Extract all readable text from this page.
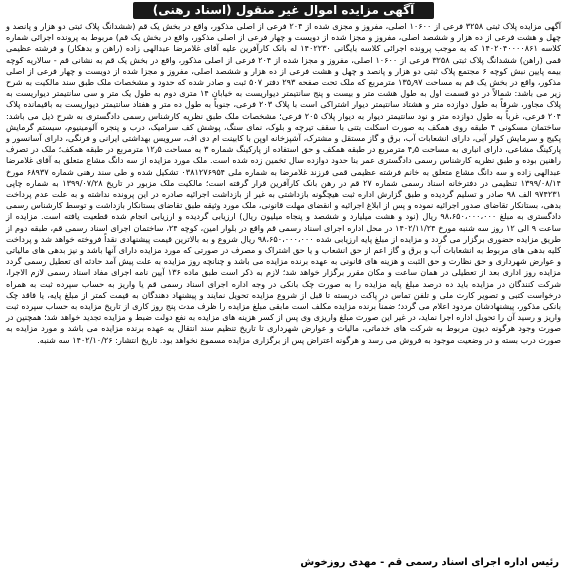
آگهی مزایده اموال غیر منقول (اسناد رهنی)

آگهی مزایده پلاک ثبتی ۳۲۵۸ فرعی از ۱۰۶۰۰ اصلی، مفروز و مجزی شده از ۲۰۴ فرعی از اصلی مذکور، واقع در بخش یک قم (ششدانگ پلاک ثبتی دو هزار و پانصد و چهل و هشت فرعی از ده هزار و ششصد اصلی، مفروز و مجزا شده از دویست و چهار فرعی از اصلی مذکور، واقع در بخش یک قم) مربوط به پرونده اجرائی شماره کلاسه ۱۴۰۲۰۴۰۰۰۰۸۶۱ که به موجب پرونده اجرائی کلاسه بایگانی ۱۴۰۲۲۳۰ له بانک کارآفرین علیه آقای غلامرضا عبدالهی زاده (راهن و بدهکار) و فرشته عظیمی قمی (راهن) ششدانگ پلاک ثبتی ۳۲۵۸ فرعی از ۱۰۶۰۰ اصلی، مفروز و مجزا شده از ۲۰۴ فرعی از اصلی مذکور، واقع در بخش یک قم به نشانی قم - سالاریه کوچه بیمه پایین نبش کوچه ۶ مجتمع پلاک ثبتی دو هزار و پانصد و چهل و هشت فرعی از ده هزار و ششصد اصلی، مفروز و مجزا شده از دویست و چهار فرعی از اصلی مذکور، واقع در بخش یک قم به مساحت ۱۳۵٫۹۷ مترمربع که ملک تحت صفحه ۲۹۳ دفتر ۵۰۷ ثبت و صادر شده که حدود و مشخصات ملک طبق سند مالکیت به شرح زیر می باشد: شمالاً در دو قسمت اول به طول هشت متر و بیست و پنج سانتیمتر دیواریست به خیابان ۱۴ متری دوم به طول یک متر و سی سانتیمتر دیواریست به پلاک مجاور، شرقاً به طول دوازده متر و هشتاد سانتیمتر دیوار اشتراکی است با پلاک ۲۰۳ فرعی، جنوباً به طول ده متر و هفتاد سانتیمتر دیواریست به باقیمانده پلاک ۲۰۴ فرعی، غرباً به طول دوازده متر و نود سانتیمتر دیوار به دیوار پلاک ۲۰۵ فرعی؛ مشخصات ملک طبق نظریه کارشناس رسمی دادگستری به شرح ذیل می باشد: ساختمان مسکونی ۴ طبقه روی همکف به صورت اسکلت بتنی با سقف تیرچه و بلوک، نمای سنگ، پوشش کف سرامیک، درب و پنجره آلومینیوم، سیستم گرمایش پکیج و سرمایش کولر آبی، دارای انشعابات آب، برق و گاز مستقل و مشترک، آشپزخانه اوپن با کابینت ام دی اف، سرویس بهداشتی ایرانی و فرنگی، دارای آسانسور و پارکینگ مشاعی، دارای انباری به مساحت ۴٫۵ مترمربع در طبقه همکف و حق استفاده از پارکینگ شماره ۳ به مساحت ۱۲٫۵ مترمربع در طبقه همکف؛ ملک در تصرف راهنین بوده و طبق نظریه کارشناس رسمی دادگستری عمر بنا حدود دوازده سال تخمین زده شده است. ملک مورد مزایده از سه دانگ مشاع متعلق به آقای غلامرضا عبدالهی زاده و سه دانگ مشاع متعلق به خانم فرشته عظیمی قمی فرزند غلامرضا به شماره ملی ۰۳۸۱۲۷۶۹۵۴ تشکیل شده و طی سند رهنی شماره ۶۸۹۳۷ مورخ ۱۳۹۹/۰۸/۱۴ تنظیمی در دفترخانه اسناد رسمی شماره ۲۷ قم در رهن بانک کارآفرین قرار گرفته است؛ مالکیت ملک مزبور در تاریخ ۱۳۹۹/۰۷/۲۸ به شماره چاپی ۹۷۴۲۳۱ الف ۹۸ صادر و تسلیم گردیده و طبق گزارش اداره ثبت هیچگونه بازداشتی به غیر از بازداشت اجرائیه صادره در این پرونده نداشته و به علت عدم پرداخت بدهی، بستانکار تقاضای صدور اجرائیه نموده و پس از ابلاغ اجرائیه و انقضای مهلت قانونی، ملک مورد وثیقه طبق تقاضای بستانکار بازداشت و توسط کارشناس رسمی دادگستری به مبلغ ۹۸،۶۵۰،۰۰۰،۰۰۰ ریال (نود و هشت میلیارد و ششصد و پنجاه میلیون ریال) ارزیابی گردیده و ارزیابی انجام شده قطعیت یافته است. مزایده از ساعت ۹ الی ۱۲ روز سه شنبه مورخ ۱۴۰۲/۱۱/۲۴ در محل اداره اجرای اسناد رسمی قم واقع در بلوار امین، کوچه ۲۴، ساختمان اجرای اسناد رسمی قم، طبقه دوم از طریق مزایده حضوری برگزار می گردد و مزایده از مبلغ پایه ارزیابی شده ۹۸،۶۵۰،۰۰۰،۰۰۰ ریال شروع و به بالاترین قیمت پیشنهادی نقداً فروخته خواهد شد و پرداخت کلیه بدهی های مربوط به انشعابات آب و برق و گاز اعم از حق انشعاب و یا حق اشتراک و مصرف در صورتی که مورد مزایده دارای آنها باشد و نیز بدهی های مالیاتی و عوارض شهرداری و حق نظارت و حق الثبت و هزینه های قانونی به عهده برنده مزایده می باشد و چنانچه روز مزایده به علت پیش آمد حادثه ای تعطیل رسمی گردد مزایده روز اداری بعد از تعطیلی در همان ساعت و مکان مقرر برگزار خواهد شد؛ لازم به ذکر است طبق ماده ۱۳۶ آیین نامه اجرای مفاد اسناد رسمی لازم الاجرا، شرکت کنندگان در مزایده باید ده درصد مبلغ پایه مزایده را به صورت چک بانکی در وجه اداره اجرای اسناد رسمی قم یا واریز به حساب سپرده ثبت به همراه درخواست کتبی و تصویر کارت ملی و تلفن تماس در پاکت دربسته تا قبل از شروع مزایده تحویل نمایند و پیشنهاد دهندگان به قیمت کمتر از مبلغ پایه، یا فاقد چک بانکی مذکور، پیشنهادشان مردود اعلام می گردد؛ ضمناً برنده مزایده مکلف است مابقی مبلغ مزایده را ظرف مدت پنج روز کاری از تاریخ مزایده به حساب سپرده ثبت واریز و رسید آن را تحویل اداره اجرا نماید، در غیر این صورت مبلغ واریزی وی پس از کسر هزینه های مزایده به نفع دولت ضبط و مزایده تجدید خواهد شد؛ همچنین در صورت وجود هرگونه دیون مربوط به شرکت های خدماتی، مالیات و عوارض شهرداری تا تاریخ تنظیم سند انتقال به عهده برنده مزایده می باشد و مورد مزایده به صورت درب بسته و در وضعیت موجود به فروش می رسد و هرگونه اعتراض پس از برگزاری مزایده مسموع نخواهد بود. تاریخ انتشار: ۱۴۰۲/۱۰/۲۶ سه شنبه.

رئیس اداره اجرای اسناد رسمی قم - مهدی روزخوش
